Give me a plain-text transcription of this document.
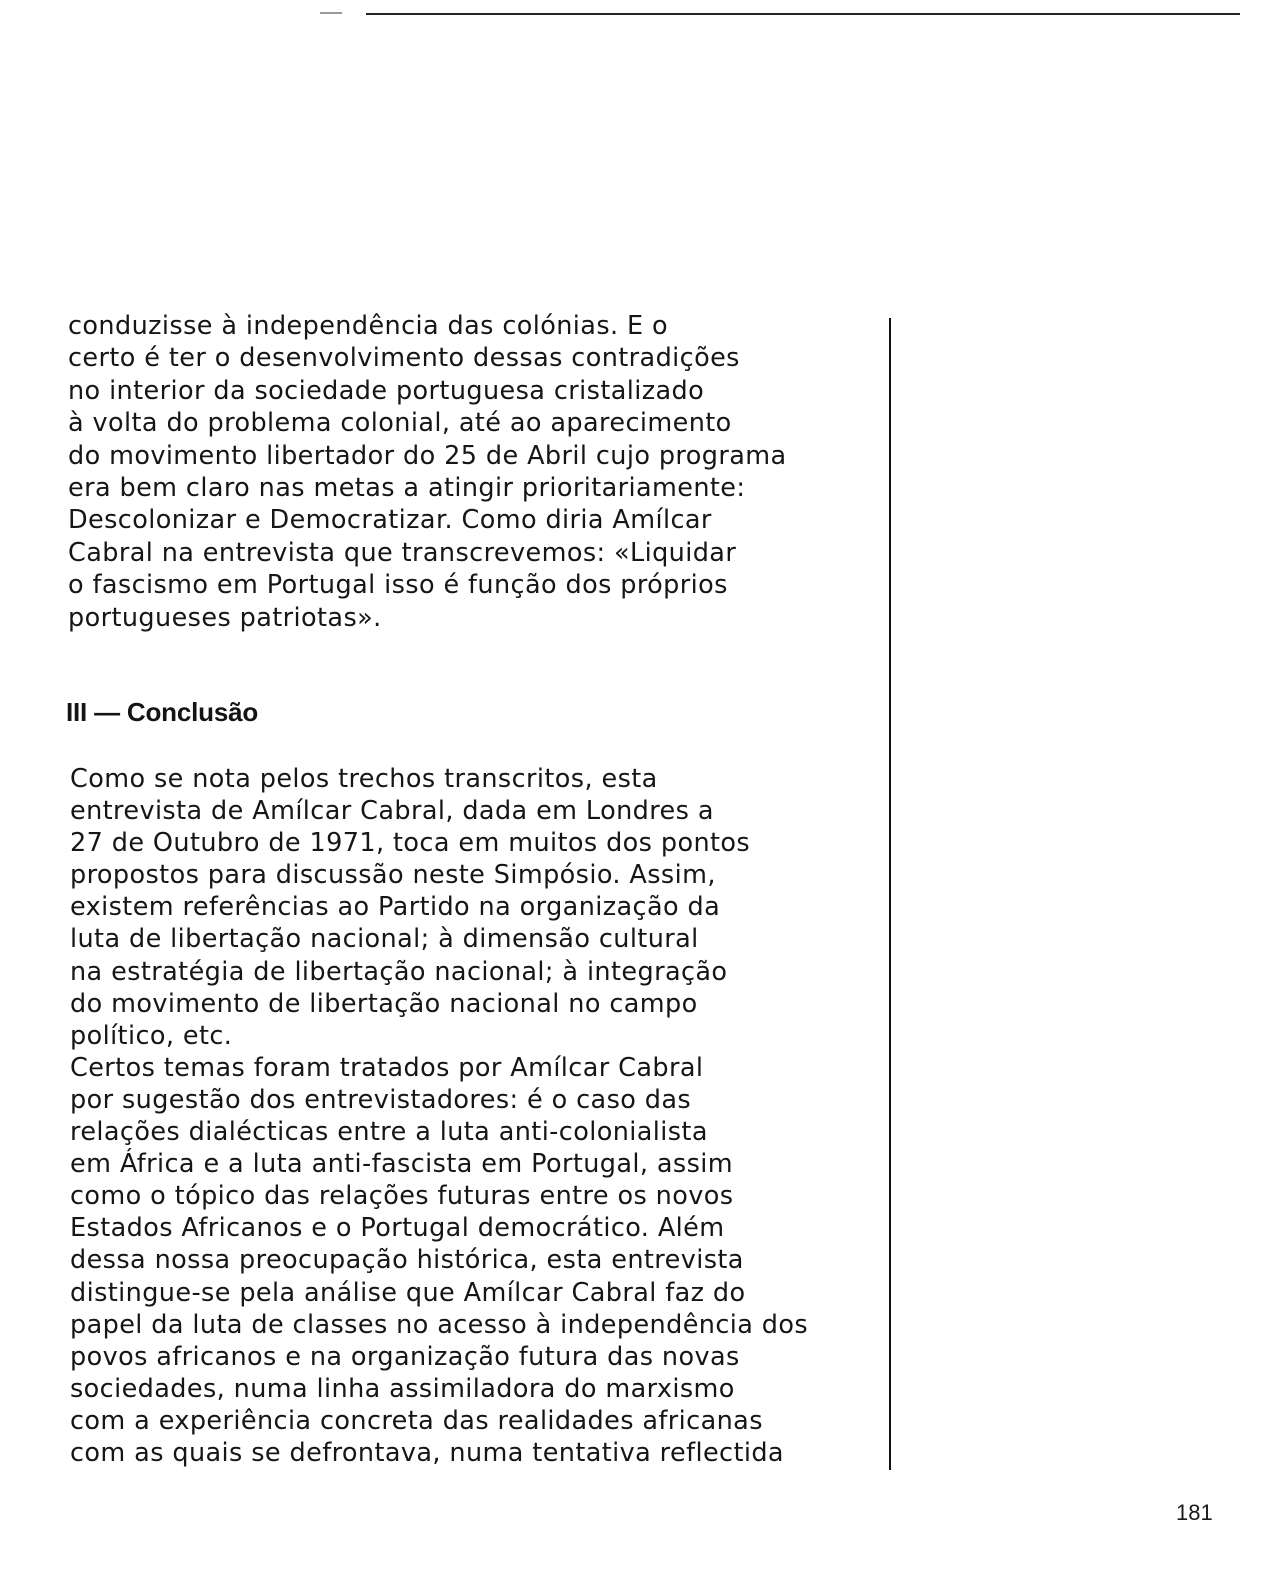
conduzisse à independência das colónias. E o
certo é ter o desenvolvimento dessas contradições
no interior da sociedade portuguesa cristalizado
à volta do problema colonial, até ao aparecimento
do movimento libertador do 25 de Abril cujo programa
era bem claro nas metas a atingir prioritariamente:
Descolonizar e Democratizar. Como diria Amílcar
Cabral na entrevista que transcrevemos: «Liquidar
o fascismo em Portugal isso é função dos próprios
portugueses patriotas».
III — Conclusão
Como se nota pelos trechos transcritos, esta
entrevista de Amílcar Cabral, dada em Londres a
27 de Outubro de 1971, toca em muitos dos pontos
propostos para discussão neste Simpósio. Assim,
existem referências ao Partido na organização da
luta de libertação nacional; à dimensão cultural
na estratégia de libertação nacional; à integração
do movimento de libertação nacional no campo
político, etc.
Certos temas foram tratados por Amílcar Cabral
por sugestão dos entrevistadores: é o caso das
relações dialécticas entre a luta anti-colonialista
em África e a luta anti-fascista em Portugal, assim
como o tópico das relações futuras entre os novos
Estados Africanos e o Portugal democrático. Além
dessa nossa preocupação histórica, esta entrevista
distingue-se pela análise que Amílcar Cabral faz do
papel da luta de classes no acesso à independência dos
povos africanos e na organização futura das novas
sociedades, numa linha assimiladora do marxismo
com a experiência concreta das realidades africanas
com as quais se defrontava, numa tentativa reflectida
181
